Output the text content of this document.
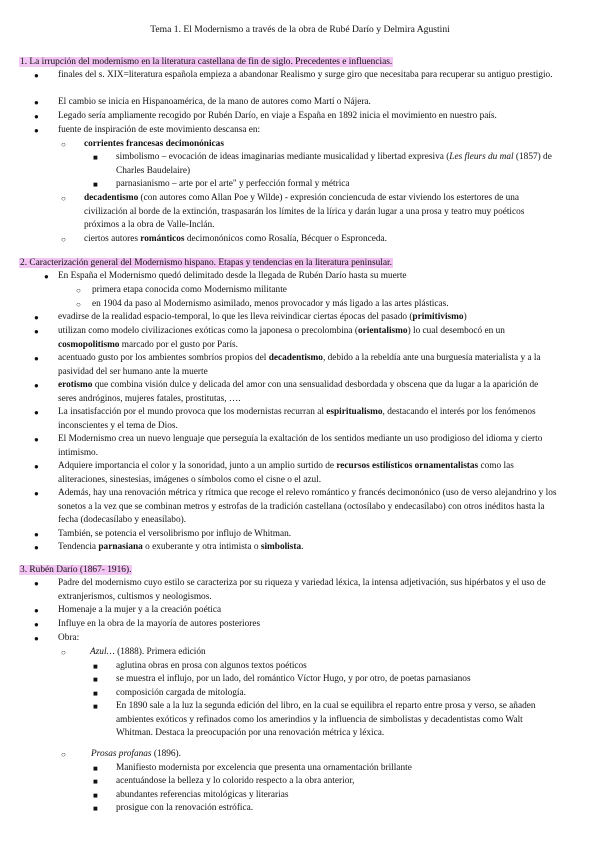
Tema 1. El Modernismo a través de la obra de Rubé Darío y Delmira Agustini
1. La irrupción del modernismo en la literatura castellana de fin de siglo. Precedentes e influencias.
● finales del s. XIX=literatura española empieza a abandonar Realismo y surge giro que necesitaba para recuperar su antiguo prestigio.
● El cambio se inicia en Hispanoamérica, de la mano de autores como Martí o Nájera.
● Legado sería ampliamente recogido por Rubén Darío, en viaje a España en 1892 inicia el movimiento en nuestro país.
● fuente de inspiración de este movimiento descansa en:
○ corrientes francesas decimonónicas
■ simbolismo – evocación de ideas imaginarias mediante musicalidad y libertad expresiva (Les fleurs du mal (1857) de Charles Baudelaire)
■ parnasianismo – arte por el arte" y perfección formal y métrica
○ decadentismo (con autores como Allan Poe y Wilde) - expresión conciencuda de estar viviendo los estertores de una civilización al borde de la extinción, traspasarán los límites de la lírica y darán lugar a una prosa y teatro muy poéticos próximos a la obra de Valle-Inclán.
○ ciertos autores románticos decimonónicos como Rosalía, Bécquer o Espronceda.
2. Caracterización general del Modernismo hispano. Etapas y tendencias en la literatura peninsular.
● En España el Modernismo quedó delimitado desde la llegada de Rubén Darío hasta su muerte
○ primera etapa conocida como Modernismo militante
○ en 1904 da paso al Modernismo asimilado, menos provocador y más ligado a las artes plásticas.
● evadirse de la realidad espacio-temporal, lo que les lleva reivindicar ciertas épocas del pasado (primitivismo)
● utilizan como modelo civilizaciones exóticas como la japonesa o precolombina (orientalismo) lo cual desembocó en un cosmopolitismo marcado por el gusto por París.
● acentuado gusto por los ambientes sombríos propios del decadentismo, debido a la rebeldía ante una burguesía materialista y a la pasividad del ser humano ante la muerte
● erotismo que combina visión dulce y delicada del amor con una sensualidad desbordada y obscena que da lugar a la aparición de seres andróginos, mujeres fatales, prostitutas, ….
● La insatisfacción por el mundo provoca que los modernistas recurran al espiritualismo, destacando el interés por los fenómenos inconscientes y el tema de Dios.
● El Modernismo crea un nuevo lenguaje que perseguía la exaltación de los sentidos mediante un uso prodigioso del idioma y cierto intimismo.
● Adquiere importancia el color y la sonoridad, junto a un amplio surtido de recursos estilísticos ornamentalistas como las aliteraciones, sinestesias, imágenes o símbolos como el cisne o el azul.
● Además, hay una renovación métrica y rítmica que recoge el relevo romántico y francés decimonónico (uso de verso alejandrino y los sonetos a la vez que se combinan metros y estrofas de la tradición castellana (octosílabo y endecasílabo) con otros inéditos hasta la fecha (dodecasílabo y eneasílabo).
● También, se potencia el versolibrismo por influjo de Whitman.
● Tendencia parnasiana o exuberante y otra intimista o simbolista.
3. Rubén Darío (1867- 1916).
● Padre del modernismo cuyo estilo se caracteriza por su riqueza y variedad léxica, la intensa adjetivación, sus hipérbatos y el uso de extranjerismos, cultismos y neologismos.
● Homenaje a la mujer y a la creación poética
● Influye en la obra de la mayoría de autores posteriores
● Obra:
○	Azul… (1888). Primera edición
■ aglutina obras en prosa con algunos textos poéticos
■ se muestra el influjo, por un lado, del romántico Víctor Hugo, y por otro, de poetas parnasianos
■ composición cargada de mitología.
■ En 1890 sale a la luz la segunda edición del libro, en la cual se equilibra el reparto entre prosa y verso, se añaden ambientes exóticos y refinados como los amerindios y la influencia de simbolistas y decadentistas como Walt Whitman. Destaca la preocupación por una renovación métrica y léxica.
○	Prosas profanas (1896).
■ Manifiesto modernista por excelencia que presenta una ornamentación brillante
■ acentuándose la belleza y lo colorido respecto a la obra anterior,
■ abundantes referencias mitológicas y literarias
■ prosigue con la renovación estrófica.
